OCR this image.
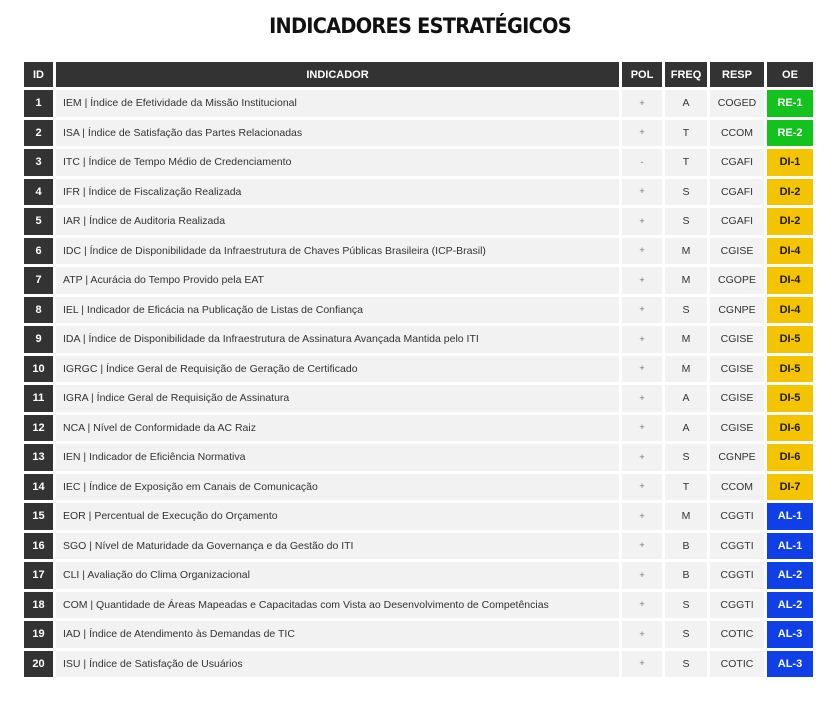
INDICADORES ESTRATÉGICOS
ID	INDICADOR	POL	FREQ	RESP	OE
1	IEM | Índice de Efetividade da Missão Institucional	+	A	COGED	RE-1
2	ISA | Índice de Satisfação das Partes Relacionadas	+	T	CCOM	RE-2
3	ITC | Índice de Tempo Médio de Credenciamento	-	T	CGAFI	DI-1
4	IFR | Índice de Fiscalização Realizada	+	S	CGAFI	DI-2
5	IAR | Índice de Auditoria Realizada	+	S	CGAFI	DI-2
6	IDC | Índice de Disponibilidade da Infraestrutura de Chaves Públicas Brasileira (ICP-Brasil)	+	M	CGISE	DI-4
7	ATP | Acurácia do Tempo Provido pela EAT	+	M	CGOPE	DI-4
8	IEL | Indicador de Eficácia na Publicação de Listas de Confiança	+	S	CGNPE	DI-4
9	IDA | Índice de Disponibilidade da Infraestrutura de Assinatura Avançada Mantida pelo ITI	+	M	CGISE	DI-5
10	IGRGC | Índice Geral de Requisição de Geração de Certificado	+	M	CGISE	DI-5
11	IGRA | Índice Geral de Requisição de Assinatura	+	A	CGISE	DI-5
12	NCA | Nível de Conformidade da AC Raiz	+	A	CGISE	DI-6
13	IEN | Indicador de Eficiência Normativa	+	S	CGNPE	DI-6
14	IEC | Índice de Exposição em Canais de Comunicação	+	T	CCOM	DI-7
15	EOR | Percentual de Execução do Orçamento	+	M	CGGTI	AL-1
16	SGO | Nível de Maturidade da Governança e da Gestão do ITI	+	B	CGGTI	AL-1
17	CLI | Avaliação do Clima Organizacional	+	B	CGGTI	AL-2
18	COM | Quantidade de Áreas Mapeadas e Capacitadas com Vista ao Desenvolvimento de Competências	+	S	CGGTI	AL-2
19	IAD | Índice de Atendimento às Demandas de TIC	+	S	COTIC	AL-3
20	ISU | Índice de Satisfação de Usuários	+	S	COTIC	AL-3
